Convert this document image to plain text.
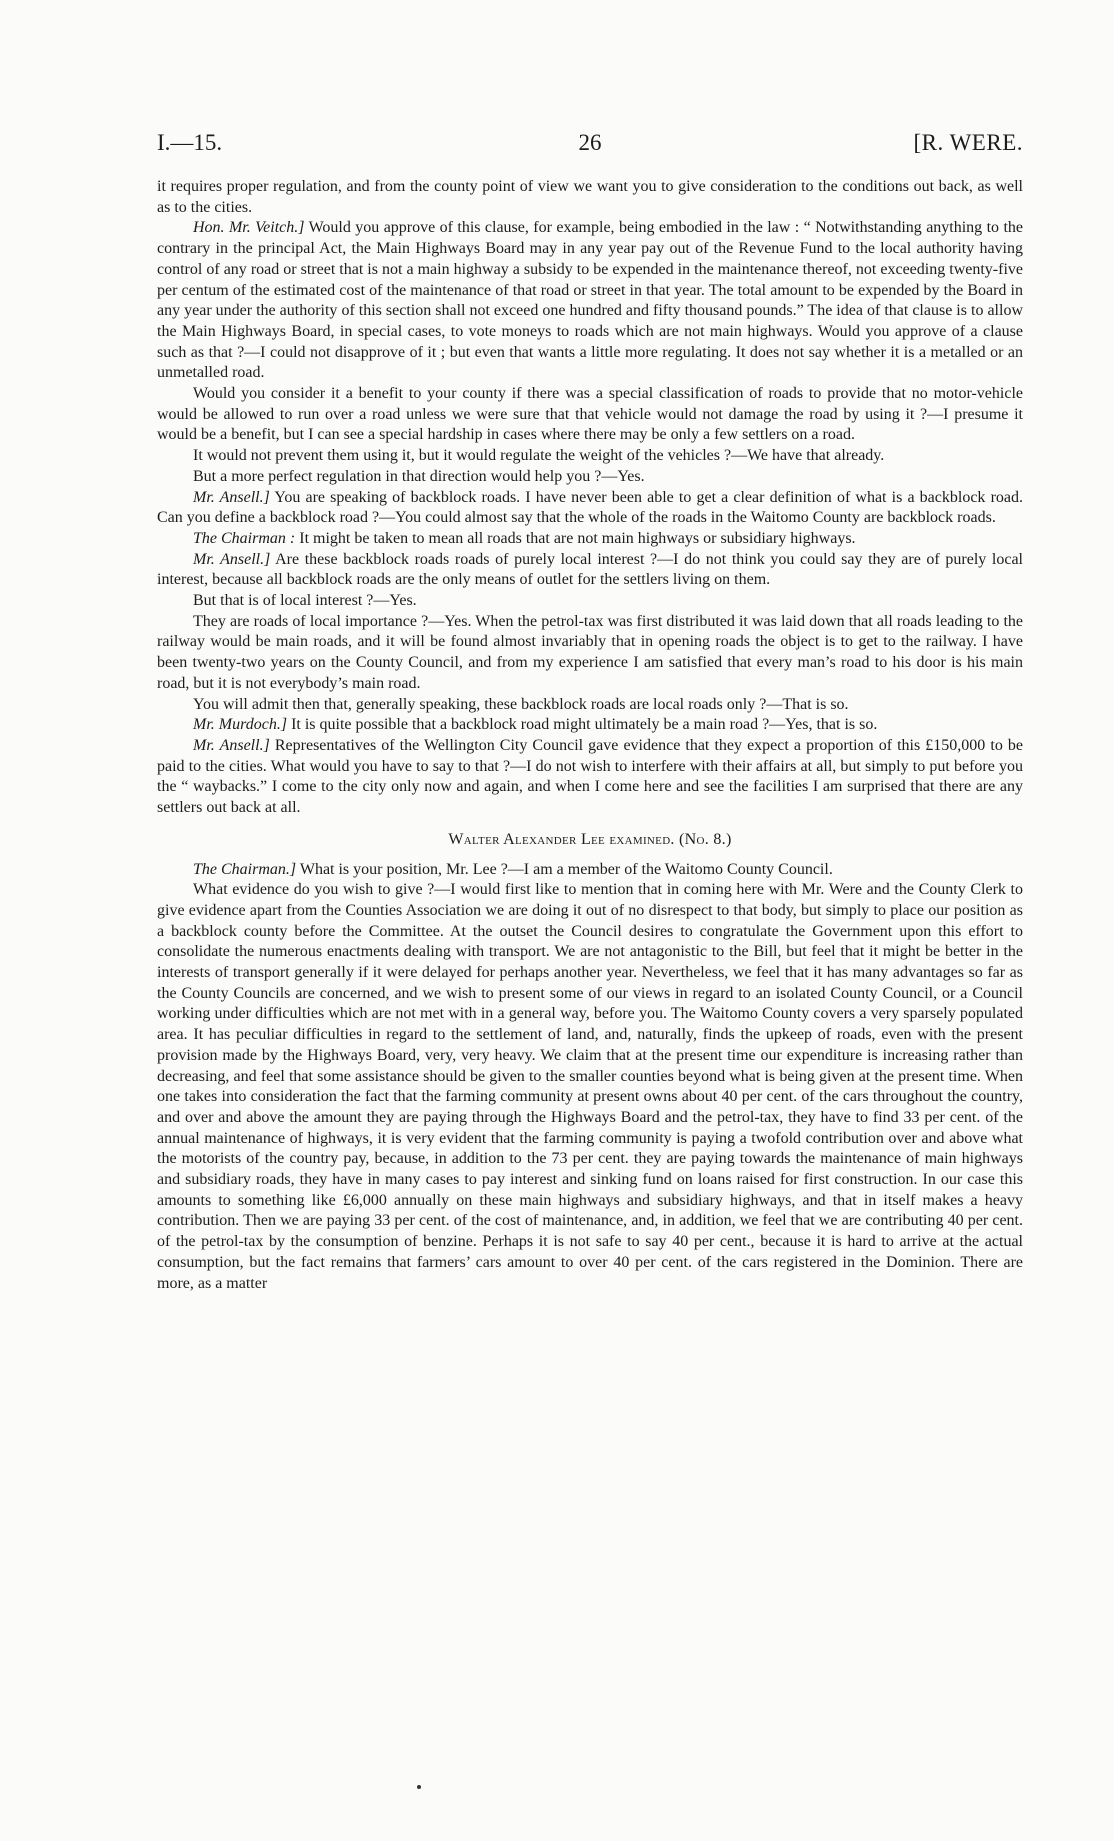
I.—15.	26	[R. WERE.

it requires proper regulation, and from the county point of view we want you to give consideration to the conditions out back, as well as to the cities.

Hon. Mr. Veitch.] Would you approve of this clause, for example, being embodied in the law : “ Notwithstanding anything to the contrary in the principal Act, the Main Highways Board may in any year pay out of the Revenue Fund to the local authority having control of any road or street that is not a main highway a subsidy to be expended in the maintenance thereof, not exceeding twenty-five per centum of the estimated cost of the maintenance of that road or street in that year. The total amount to be expended by the Board in any year under the authority of this section shall not exceed one hundred and fifty thousand pounds.” The idea of that clause is to allow the Main Highways Board, in special cases, to vote moneys to roads which are not main highways. Would you approve of a clause such as that ?—I could not disapprove of it ; but even that wants a little more regulating. It does not say whether it is a metalled or an unmetalled road.

Would you consider it a benefit to your county if there was a special classification of roads to provide that no motor-vehicle would be allowed to run over a road unless we were sure that that vehicle would not damage the road by using it ?—I presume it would be a benefit, but I can see a special hardship in cases where there may be only a few settlers on a road.

It would not prevent them using it, but it would regulate the weight of the vehicles ?—We have that already.

But a more perfect regulation in that direction would help you ?—Yes.

Mr. Ansell.] You are speaking of backblock roads. I have never been able to get a clear definition of what is a backblock road. Can you define a backblock road ?—You could almost say that the whole of the roads in the Waitomo County are backblock roads.

The Chairman : It might be taken to mean all roads that are not main highways or subsidiary highways.

Mr. Ansell.] Are these backblock roads roads of purely local interest ?—I do not think you could say they are of purely local interest, because all backblock roads are the only means of outlet for the settlers living on them.

But that is of local interest ?—Yes.

They are roads of local importance ?—Yes. When the petrol-tax was first distributed it was laid down that all roads leading to the railway would be main roads, and it will be found almost invariably that in opening roads the object is to get to the railway. I have been twenty-two years on the County Council, and from my experience I am satisfied that every man’s road to his door is his main road, but it is not everybody’s main road.

You will admit then that, generally speaking, these backblock roads are local roads only ?—That is so.

Mr. Murdoch.] It is quite possible that a backblock road might ultimately be a main road ?—Yes, that is so.

Mr. Ansell.] Representatives of the Wellington City Council gave evidence that they expect a proportion of this £150,000 to be paid to the cities. What would you have to say to that ?—I do not wish to interfere with their affairs at all, but simply to put before you the “ waybacks.” I come to the city only now and again, and when I come here and see the facilities I am surprised that there are any settlers out back at all.

Walter Alexander Lee examined. (No. 8.)

The Chairman.] What is your position, Mr. Lee ?—I am a member of the Waitomo County Council.

What evidence do you wish to give ?—I would first like to mention that in coming here with Mr. Were and the County Clerk to give evidence apart from the Counties Association we are doing it out of no disrespect to that body, but simply to place our position as a backblock county before the Committee. At the outset the Council desires to congratulate the Government upon this effort to consolidate the numerous enactments dealing with transport. We are not antagonistic to the Bill, but feel that it might be better in the interests of transport generally if it were delayed for perhaps another year. Nevertheless, we feel that it has many advantages so far as the County Councils are concerned, and we wish to present some of our views in regard to an isolated County Council, or a Council working under difficulties which are not met with in a general way, before you. The Waitomo County covers a very sparsely populated area. It has peculiar difficulties in regard to the settlement of land, and, naturally, finds the upkeep of roads, even with the present provision made by the Highways Board, very, very heavy. We claim that at the present time our expenditure is increasing rather than decreasing, and feel that some assistance should be given to the smaller counties beyond what is being given at the present time. When one takes into consideration the fact that the farming community at present owns about 40 per cent. of the cars throughout the country, and over and above the amount they are paying through the Highways Board and the petrol-tax, they have to find 33 per cent. of the annual maintenance of highways, it is very evident that the farming community is paying a twofold contribution over and above what the motorists of the country pay, because, in addition to the 73 per cent. they are paying towards the maintenance of main highways and subsidiary roads, they have in many cases to pay interest and sinking fund on loans raised for first construction. In our case this amounts to something like £6,000 annually on these main highways and subsidiary highways, and that in itself makes a heavy contribution. Then we are paying 33 per cent. of the cost of maintenance, and, in addition, we feel that we are contributing 40 per cent. of the petrol-tax by the consumption of benzine. Perhaps it is not safe to say 40 per cent., because it is hard to arrive at the actual consumption, but the fact remains that farmers’ cars amount to over 40 per cent. of the cars registered in the Dominion. There are more, as a matter
